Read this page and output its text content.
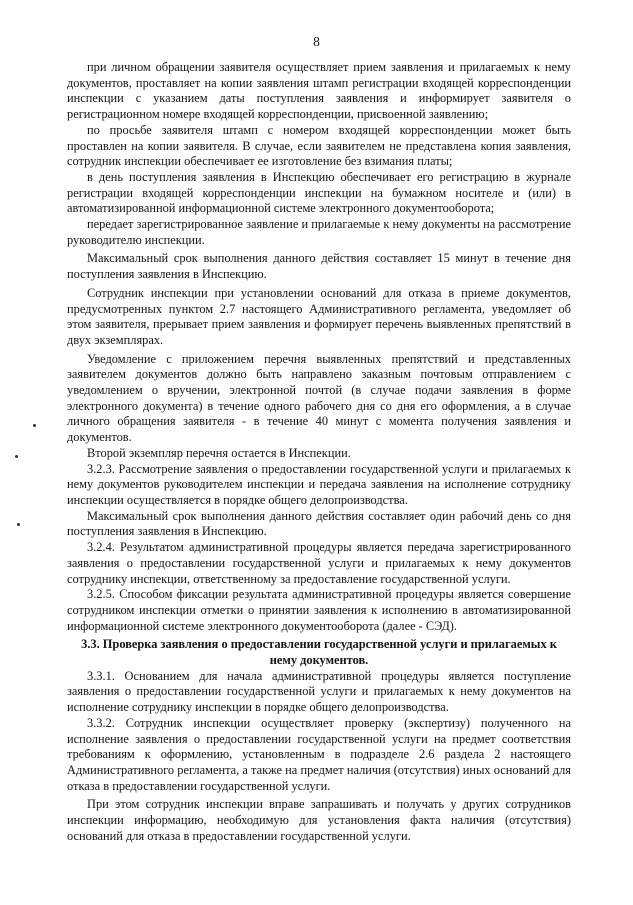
8

при личном обращении заявителя осуществляет прием заявления и прилагаемых к нему документов, проставляет на копии заявления штамп регистрации входящей корреспонденции инспекции с указанием даты поступления заявления и информирует заявителя о регистрационном номере входящей корреспонденции, присвоенной заявлению;

по просьбе заявителя штамп с номером входящей корреспонденции может быть проставлен на копии заявителя. В случае, если заявителем не представлена копия заявления, сотрудник инспекции обеспечивает ее изготовление без взимания платы;

в день поступления заявления в Инспекцию обеспечивает его регистрацию в журнале регистрации входящей корреспонденции инспекции на бумажном носителе и (или) в автоматизированной информационной системе электронного документооборота;

передает зарегистрированное заявление и прилагаемые к нему документы на рассмотрение руководителю инспекции.

Максимальный срок выполнения данного действия составляет 15 минут в течение дня поступления заявления в Инспекцию.

Сотрудник инспекции при установлении оснований для отказа в приеме документов, предусмотренных пунктом 2.7 настоящего Административного регламента, уведомляет об этом заявителя, прерывает прием заявления и формирует перечень выявленных препятствий в двух экземплярах.

Уведомление с приложением перечня выявленных препятствий и представленных заявителем документов должно быть направлено заказным почтовым отправлением с уведомлением о вручении, электронной почтой (в случае подачи заявления в форме электронного документа) в течение одного рабочего дня со дня его оформления, а в случае личного обращения заявителя - в течение 40 минут с момента получения заявления и документов.

Второй экземпляр перечня остается в Инспекции.

3.2.3. Рассмотрение заявления о предоставлении государственной услуги и прилагаемых к нему документов руководителем инспекции и передача заявления на исполнение сотруднику инспекции осуществляется в порядке общего делопроизводства.

Максимальный срок выполнения данного действия составляет один рабочий день со дня поступления заявления в Инспекцию.

3.2.4. Результатом административной процедуры является передача зарегистрированного заявления о предоставлении государственной услуги и прилагаемых к нему документов сотруднику инспекции, ответственному за предоставление государственной услуги.

3.2.5. Способом фиксации результата административной процедуры является совершение сотрудником инспекции отметки о принятии заявления к исполнению в автоматизированной информационной системе электронного документооборота (далее - СЭД).

3.3. Проверка заявления о предоставлении государственной услуги и прилагаемых к нему документов.

3.3.1. Основанием для начала административной процедуры является поступление заявления о предоставлении государственной услуги и прилагаемых к нему документов на исполнение сотруднику инспекции в порядке общего делопроизводства.

3.3.2. Сотрудник инспекции осуществляет проверку (экспертизу) полученного на исполнение заявления о предоставлении государственной услуги на предмет соответствия требованиям к оформлению, установленным в подразделе 2.6 раздела 2 настоящего Административного регламента, а также на предмет наличия (отсутствия) иных оснований для отказа в предоставлении государственной услуги.

При этом сотрудник инспекции вправе запрашивать и получать у других сотрудников инспекции информацию, необходимую для установления факта наличия (отсутствия) оснований для отказа в предоставлении государственной услуги.
